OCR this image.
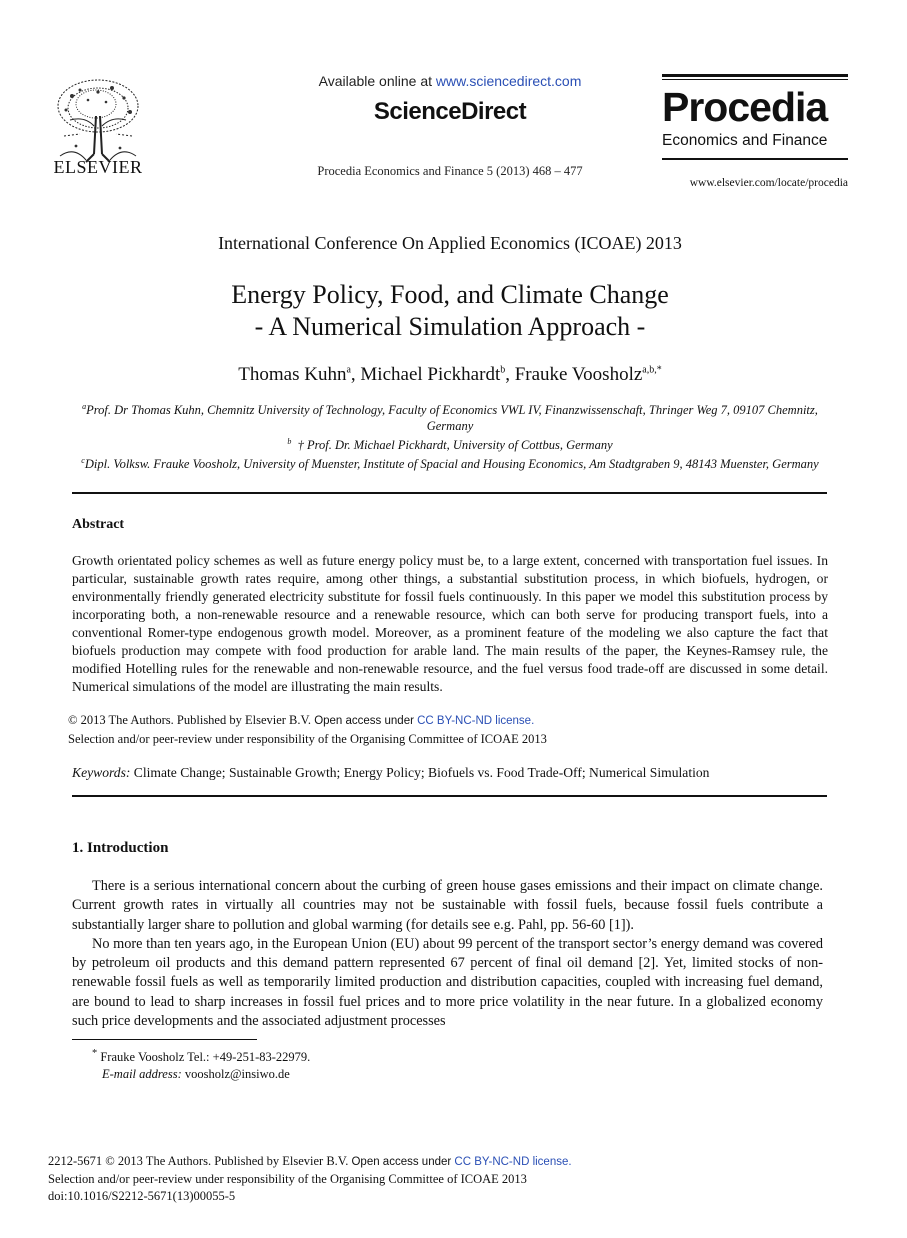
ELSEVIER
Available online at www.sciencedirect.com
ScienceDirect
Procedia Economics and Finance 5 (2013) 468 – 477
Procedia
Economics and Finance
www.elsevier.com/locate/procedia
International Conference On Applied Economics (ICOAE) 2013
Energy Policy, Food, and Climate Change
- A Numerical Simulation Approach -
Thomas Kuhn$^a$, Michael Pickhardt$^b$, Frauke Voosholz$^{a,b,*}$
$^a$Prof. Dr Thomas Kuhn, Chemnitz University of Technology, Faculty of Economics VWL IV, Finanzwissenschaft, Thringer Weg 7, 09107 Chemnitz, Germany
$^b$ † Prof. Dr. Michael Pickhardt, University of Cottbus, Germany
$^c$Dipl. Volksw. Frauke Voosholz, University of Muenster, Institute of Spacial and Housing Economics, Am Stadtgraben 9, 48143 Muenster, Germany
Abstract
Growth orientated policy schemes as well as future energy policy must be, to a large extent, concerned with transportation fuel issues. In particular, sustainable growth rates require, among other things, a substantial substitution process, in which biofuels, hydrogen, or environmentally friendly generated electricity substitute for fossil fuels continuously. In this paper we model this substitution process by incorporating both, a non-renewable resource and a renewable resource, which can both serve for producing transport fuels, into a conventional Romer-type endogenous growth model. Moreover, as a prominent feature of the modeling we also capture the fact that biofuels production may compete with food production for arable land. The main results of the paper, the Keynes-Ramsey rule, the modified Hotelling rules for the renewable and non-renewable resource, and the fuel versus food trade-off are discussed in some detail. Numerical simulations of the model are illustrating the main results.
© 2013 The Authors. Published by Elsevier B.V. Open access under CC BY-NC-ND license.
Selection and/or peer-review under responsibility of the Organising Committee of ICOAE 2013
Keywords: Climate Change; Sustainable Growth; Energy Policy; Biofuels vs. Food Trade-Off; Numerical Simulation
1. Introduction

There is a serious international concern about the curbing of green house gases emissions and their impact on climate change. Current growth rates in virtually all countries may not be sustainable with fossil fuels, because fossil fuels contribute a substantially larger share to pollution and global warming (for details see e.g. Pahl, pp. 56-60 [1]).

No more than ten years ago, in the European Union (EU) about 99 percent of the transport sector’s energy demand was covered by petroleum oil products and this demand pattern represented 67 percent of final oil demand [2]. Yet, limited stocks of non-renewable fossil fuels as well as temporarily limited production and distribution capacities, coupled with increasing fuel demand, are bound to lead to sharp increases in fossil fuel prices and to more price volatility in the near future. In a globalized economy such price developments and the associated adjustment processes

* Frauke Voosholz Tel.: +49-251-83-22979.
E-mail address: voosholz@insiwo.de
2212-5671 © 2013 The Authors. Published by Elsevier B.V. Open access under CC BY-NC-ND license.
Selection and/or peer-review under responsibility of the Organising Committee of ICOAE 2013
doi:10.1016/S2212-5671(13)00055-5
